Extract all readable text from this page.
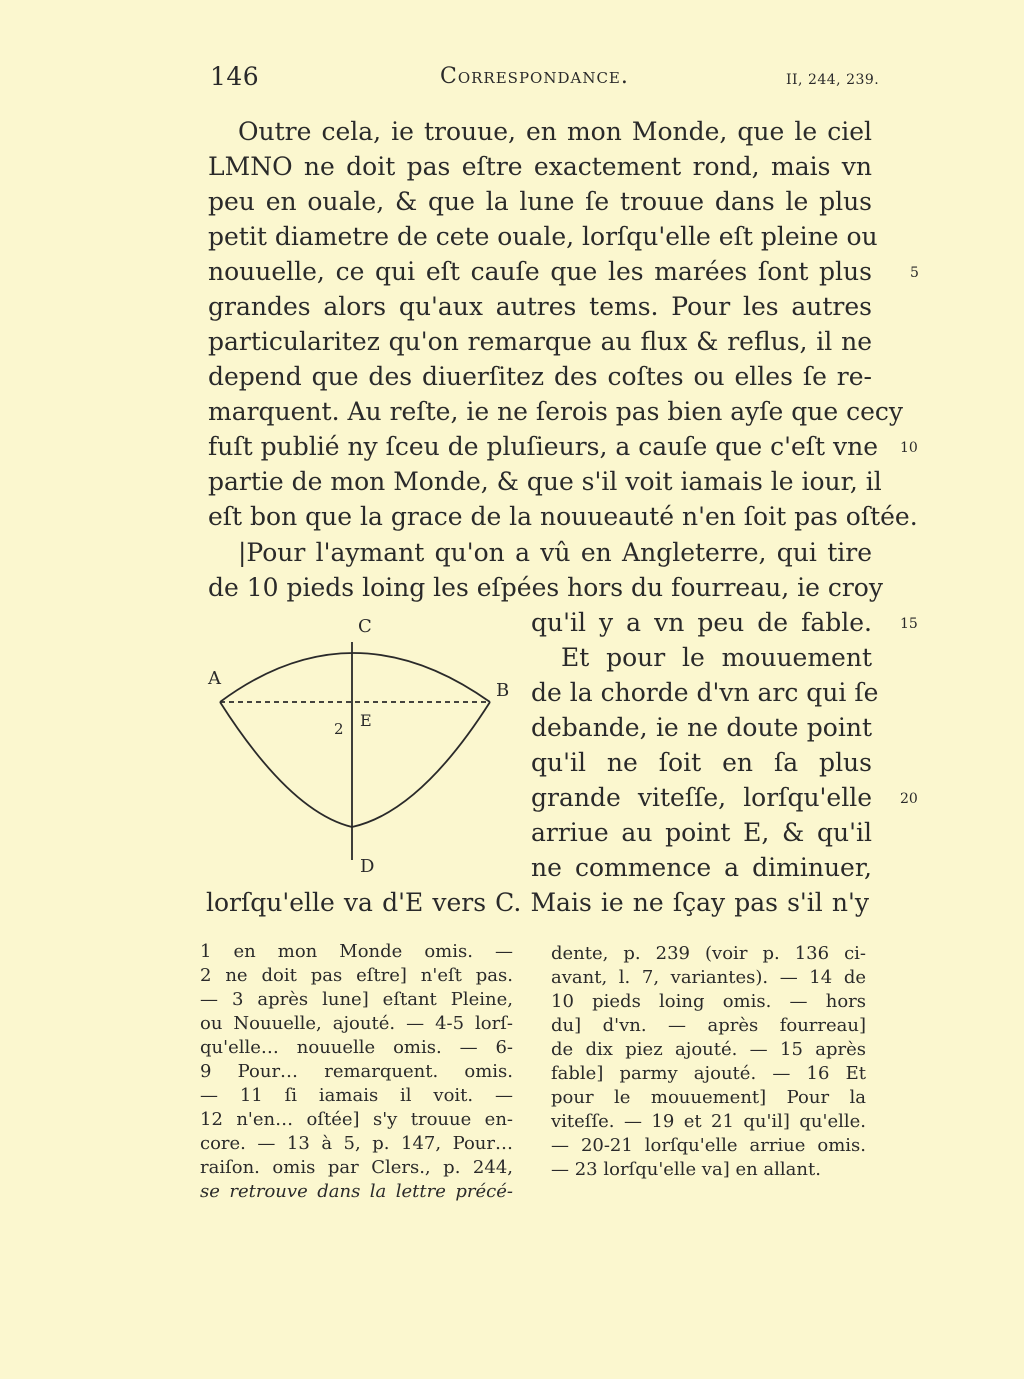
146	Correspondance.	II, 244, 239.
Outre cela, ie trouue, en mon Monde, que le ciel
LMNO ne doit pas eſtre exactement rond, mais vn
peu en ouale, & que la lune ſe trouue dans le plus
petit diametre de cete ouale, lorſqu'elle eſt pleine ou
nouuelle, ce qui eſt cauſe que les marées ſont plus
grandes alors qu'aux autres tems. Pour les autres
particularitez qu'on remarque au flux & reflus, il ne
depend que des diuerſitez des coſtes ou elles ſe re-
marquent. Au reſte, ie ne ſerois pas bien ayſe que cecy
fuſt publié ny ſceu de pluſieurs, a cauſe que c'eſt vne
partie de mon Monde, & que s'il voit iamais le iour, il
eſt bon que la grace de la nouueauté n'en ſoit pas oſtée.
|Pour l'aymant qu'on a vû en Angleterre, qui tire
de 10 pieds loing les eſpées hors du fourreau, ie croy
qu'il y a vn peu de fable.
Et pour le mouuement
de la chorde d'vn arc qui ſe
debande, ie ne doute point
qu'il ne ſoit en ſa plus
grande viteſſe, lorſqu'elle
arriue au point E, & qu'il
ne commence a diminuer,
lorſqu'elle va d'E vers C. Mais ie ne ſçay pas s'il n'y
5
10
15
20
C
A
B
2 E
D
1 en mon Monde omis. —
2 ne doit pas eſtre] n'eſt pas.
— 3 après lune] eſtant Pleine,
ou Nouuelle, ajouté. — 4-5 lorſ-
qu'elle… nouuelle omis. — 6-
9 Pour… remarquent. omis.
— 11 ſi iamais il voit. —
12 n'en… oſtée] s'y trouue en-
core. — 13 à 5, p. 147, Pour…
raiſon. omis par Clers., p. 244,
se retrouve dans la lettre précé-
dente, p. 239 (voir p. 136 ci-
avant, l. 7, variantes). — 14 de
10 pieds loing omis. — hors
du] d'vn. — après fourreau]
de dix piez ajouté. — 15 après
fable] parmy ajouté. — 16 Et
pour le mouuement] Pour la
viteſſe. — 19 et 21 qu'il] qu'elle.
— 20-21 lorſqu'elle arriue omis.
— 23 lorſqu'elle va] en allant.
